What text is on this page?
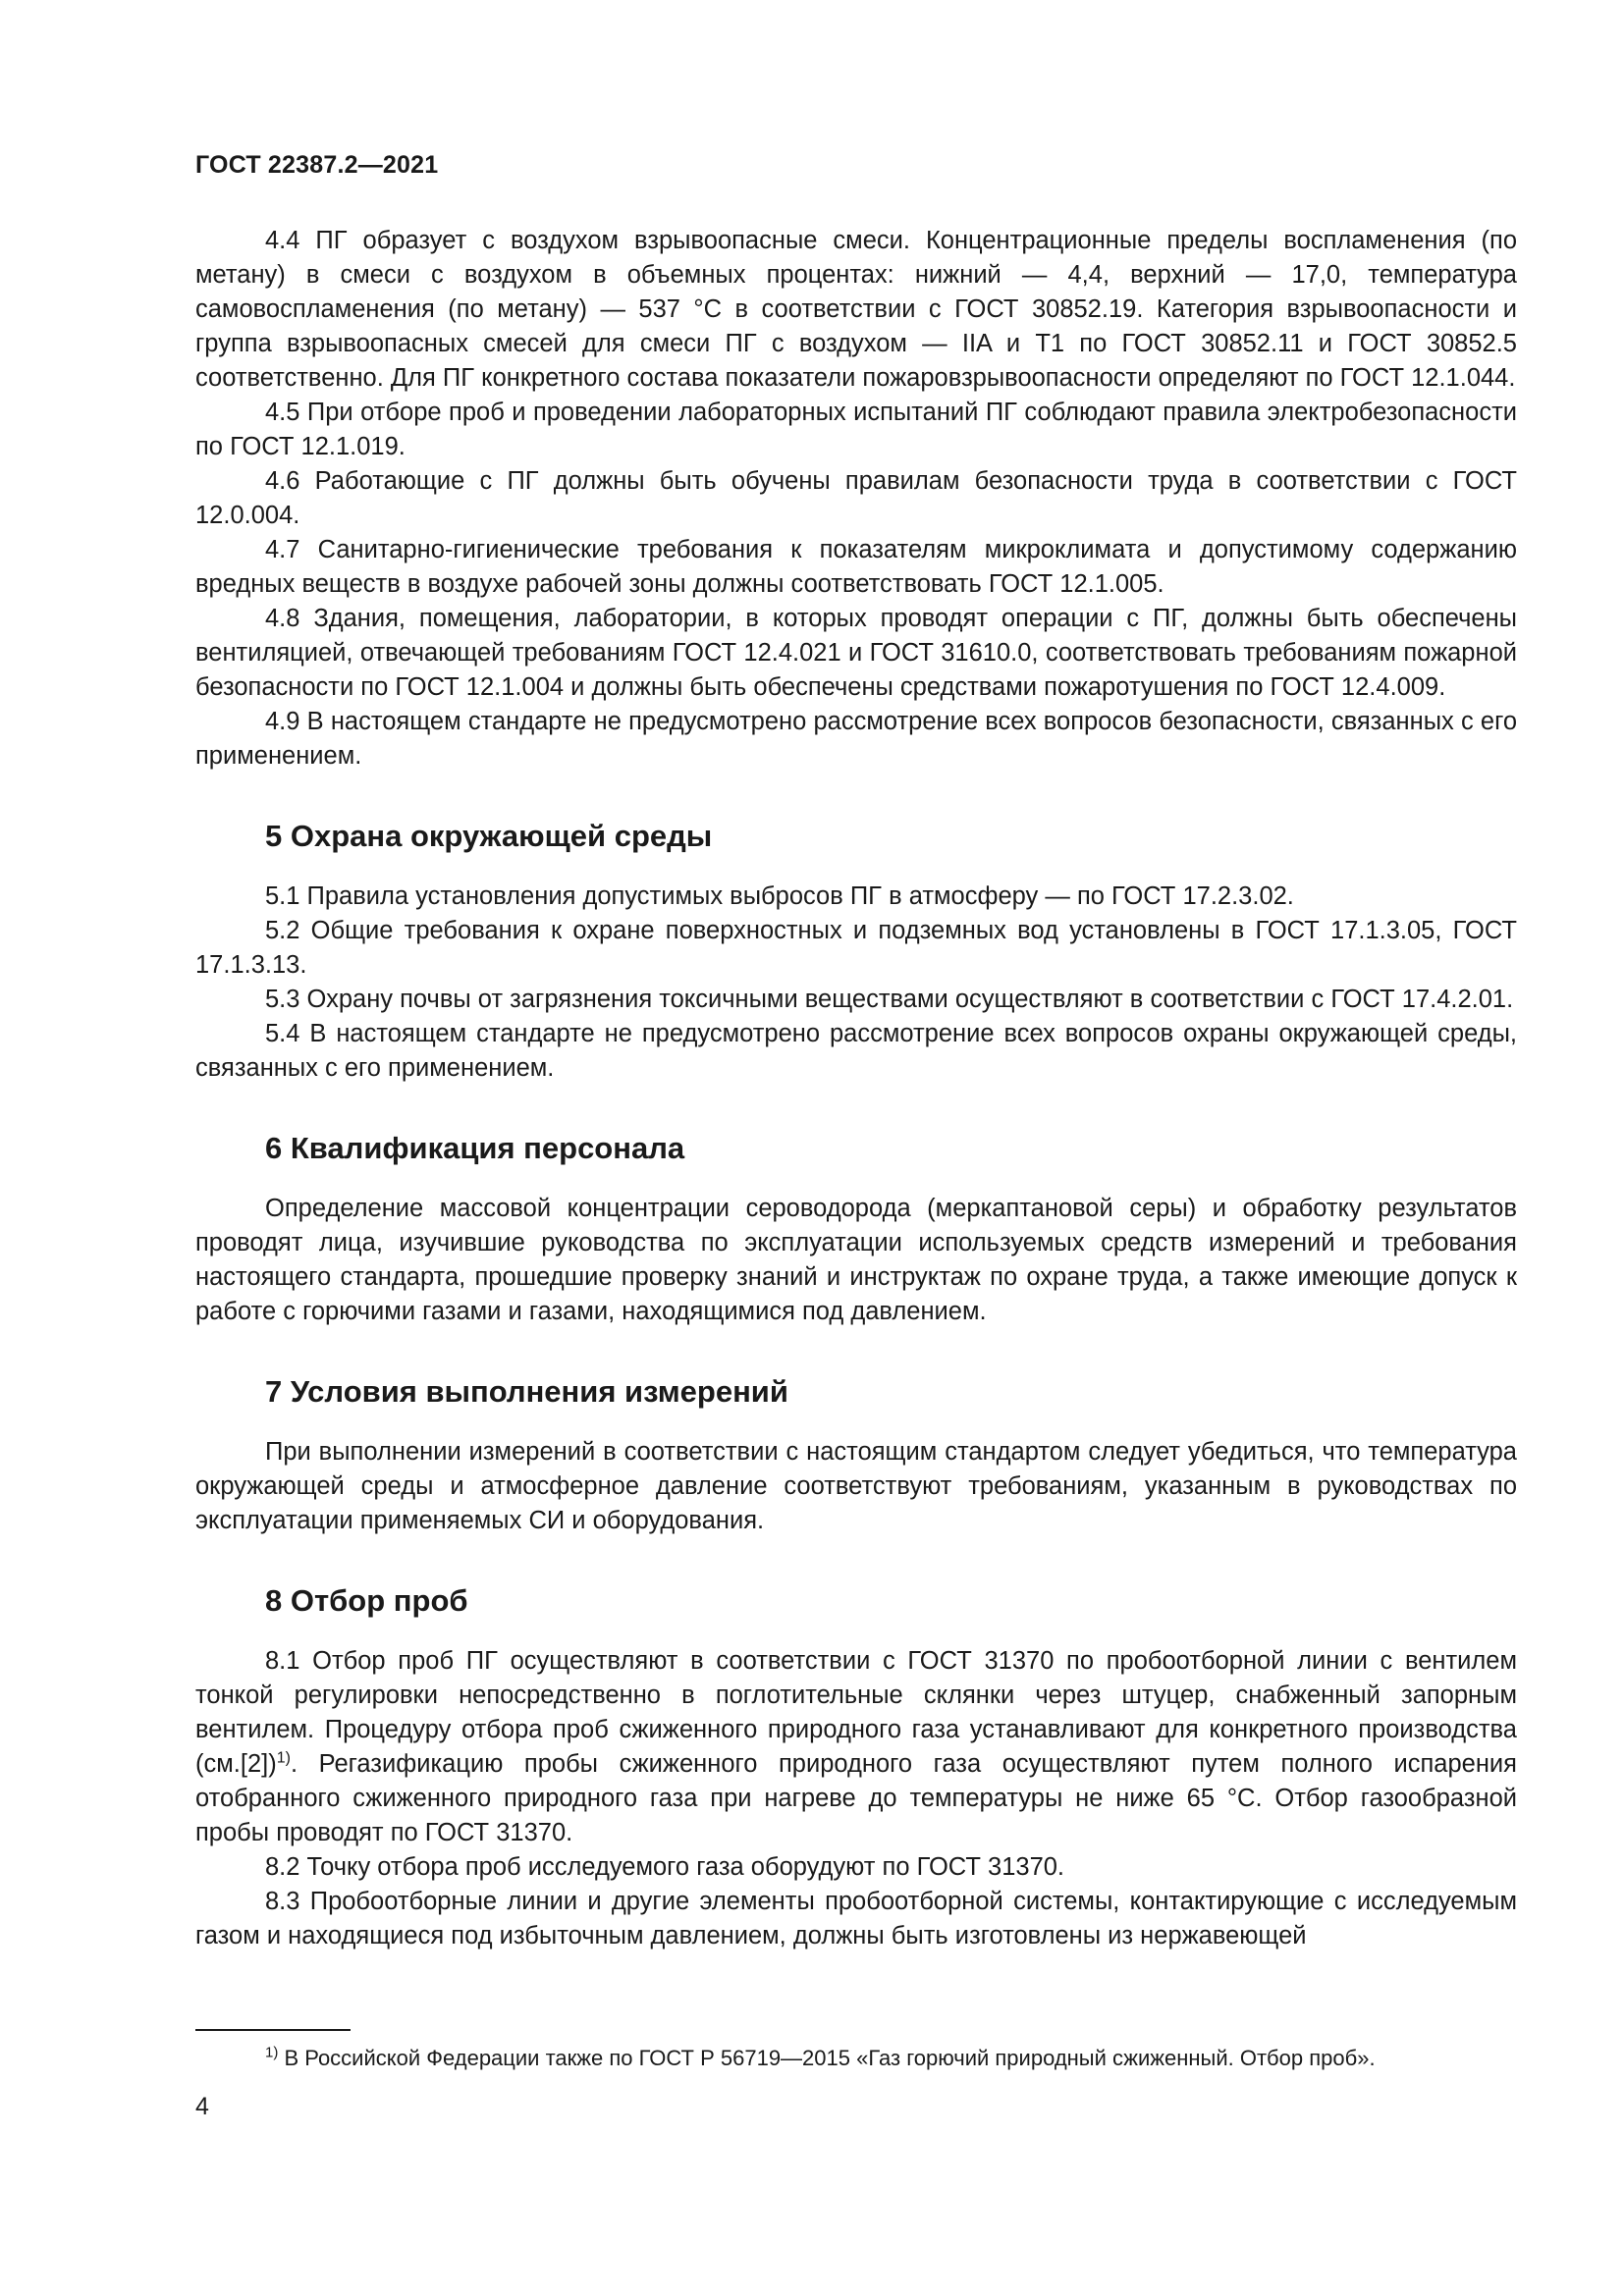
ГОСТ 22387.2—2021

4.4 ПГ образует с воздухом взрывоопасные смеси. Концентрационные пределы воспламенения (по метану) в смеси с воздухом в объемных процентах: нижний — 4,4, верхний — 17,0, температура самовоспламенения (по метану) — 537 °С в соответствии с ГОСТ 30852.19. Категория взрывоопасности и группа взрывоопасных смесей для смеси ПГ с воздухом — IIA и Т1 по ГОСТ 30852.11 и ГОСТ 30852.5 соответственно. Для ПГ конкретного состава показатели пожаровзрывоопасности определяют по ГОСТ 12.1.044.

4.5 При отборе проб и проведении лабораторных испытаний ПГ соблюдают правила электробезопасности по ГОСТ 12.1.019.

4.6 Работающие с ПГ должны быть обучены правилам безопасности труда в соответствии с ГОСТ 12.0.004.

4.7 Санитарно-гигиенические требования к показателям микроклимата и допустимому содержанию вредных веществ в воздухе рабочей зоны должны соответствовать ГОСТ 12.1.005.

4.8 Здания, помещения, лаборатории, в которых проводят операции с ПГ, должны быть обеспечены вентиляцией, отвечающей требованиям ГОСТ 12.4.021 и ГОСТ 31610.0, соответствовать требованиям пожарной безопасности по ГОСТ 12.1.004 и должны быть обеспечены средствами пожаротушения по ГОСТ 12.4.009.

4.9 В настоящем стандарте не предусмотрено рассмотрение всех вопросов безопасности, связанных с его применением.

5 Охрана окружающей среды

5.1 Правила установления допустимых выбросов ПГ в атмосферу — по ГОСТ 17.2.3.02.

5.2 Общие требования к охране поверхностных и подземных вод установлены в ГОСТ 17.1.3.05, ГОСТ 17.1.3.13.

5.3 Охрану почвы от загрязнения токсичными веществами осуществляют в соответствии с ГОСТ 17.4.2.01.

5.4 В настоящем стандарте не предусмотрено рассмотрение всех вопросов охраны окружающей среды, связанных с его применением.

6 Квалификация персонала

Определение массовой концентрации сероводорода (меркаптановой серы) и обработку результатов проводят лица, изучившие руководства по эксплуатации используемых средств измерений и требования настоящего стандарта, прошедшие проверку знаний и инструктаж по охране труда, а также имеющие допуск к работе с горючими газами и газами, находящимися под давлением.

7 Условия выполнения измерений

При выполнении измерений в соответствии с настоящим стандартом следует убедиться, что температура окружающей среды и атмосферное давление соответствуют требованиям, указанным в руководствах по эксплуатации применяемых СИ и оборудования.

8 Отбор проб

8.1 Отбор проб ПГ осуществляют в соответствии с ГОСТ 31370 по пробоотборной линии с вентилем тонкой регулировки непосредственно в поглотительные склянки через штуцер, снабженный запорным вентилем. Процедуру отбора проб сжиженного природного газа устанавливают для конкретного производства $(см.[2])^{1)}$. Регазификацию пробы сжиженного природного газа осуществляют путем полного испарения отобранного сжиженного природного газа при нагреве до температуры не ниже 65 °С. Отбор газообразной пробы проводят по ГОСТ 31370.

8.2 Точку отбора проб исследуемого газа оборудуют по ГОСТ 31370.

8.3 Пробоотборные линии и другие элементы пробоотборной системы, контактирующие с исследуемым газом и находящиеся под избыточным давлением, должны быть изготовлены из нержавеющей

$^{1)}$ В Российской Федерации также по ГОСТ Р 56719—2015 «Газ горючий природный сжиженный. Отбор проб».
4
